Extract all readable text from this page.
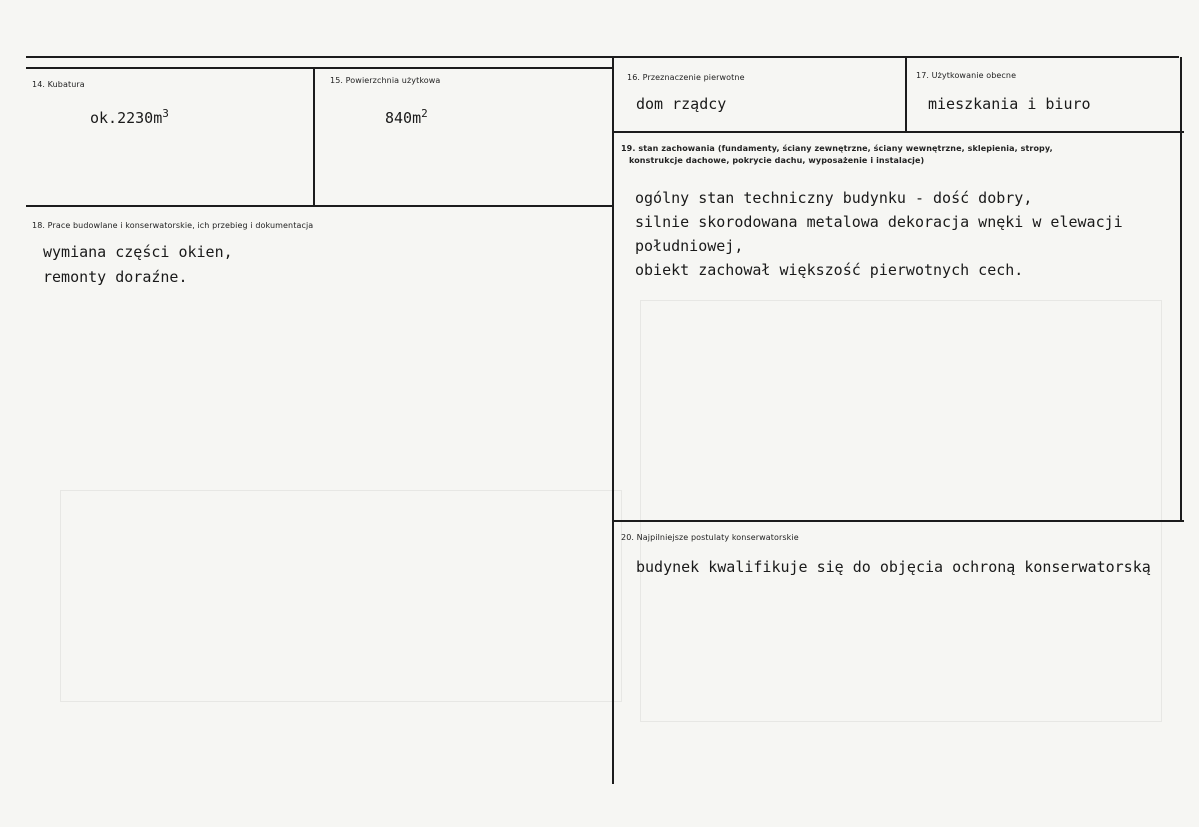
14. Kubatura
$ok.2230m^3$
15. Powierzchnia użytkowa
$840m^2$
16. Przeznaczenie pierwotne
dom rządcy
17. Użytkowanie obecne
mieszkania i biuro
18. Prace budowlane i konserwatorskie, ich przebieg i dokumentacja
wymiana części okien,
remonty doraźne.
19. stan zachowania (fundamenty, ściany zewnętrzne, ściany wewnętrzne, sklepienia, stropy,
konstrukcje dachowe, pokrycie dachu, wyposażenie i instalacje)
ogólny stan techniczny budynku - dość dobry,
silnie skorodowana metalowa dekoracja wnęki w elewacji
południowej,
obiekt zachował większość pierwotnych cech.
20. Najpilniejsze postulaty konserwatorskie
budynek kwalifikuje się do objęcia ochroną konserwatorską
